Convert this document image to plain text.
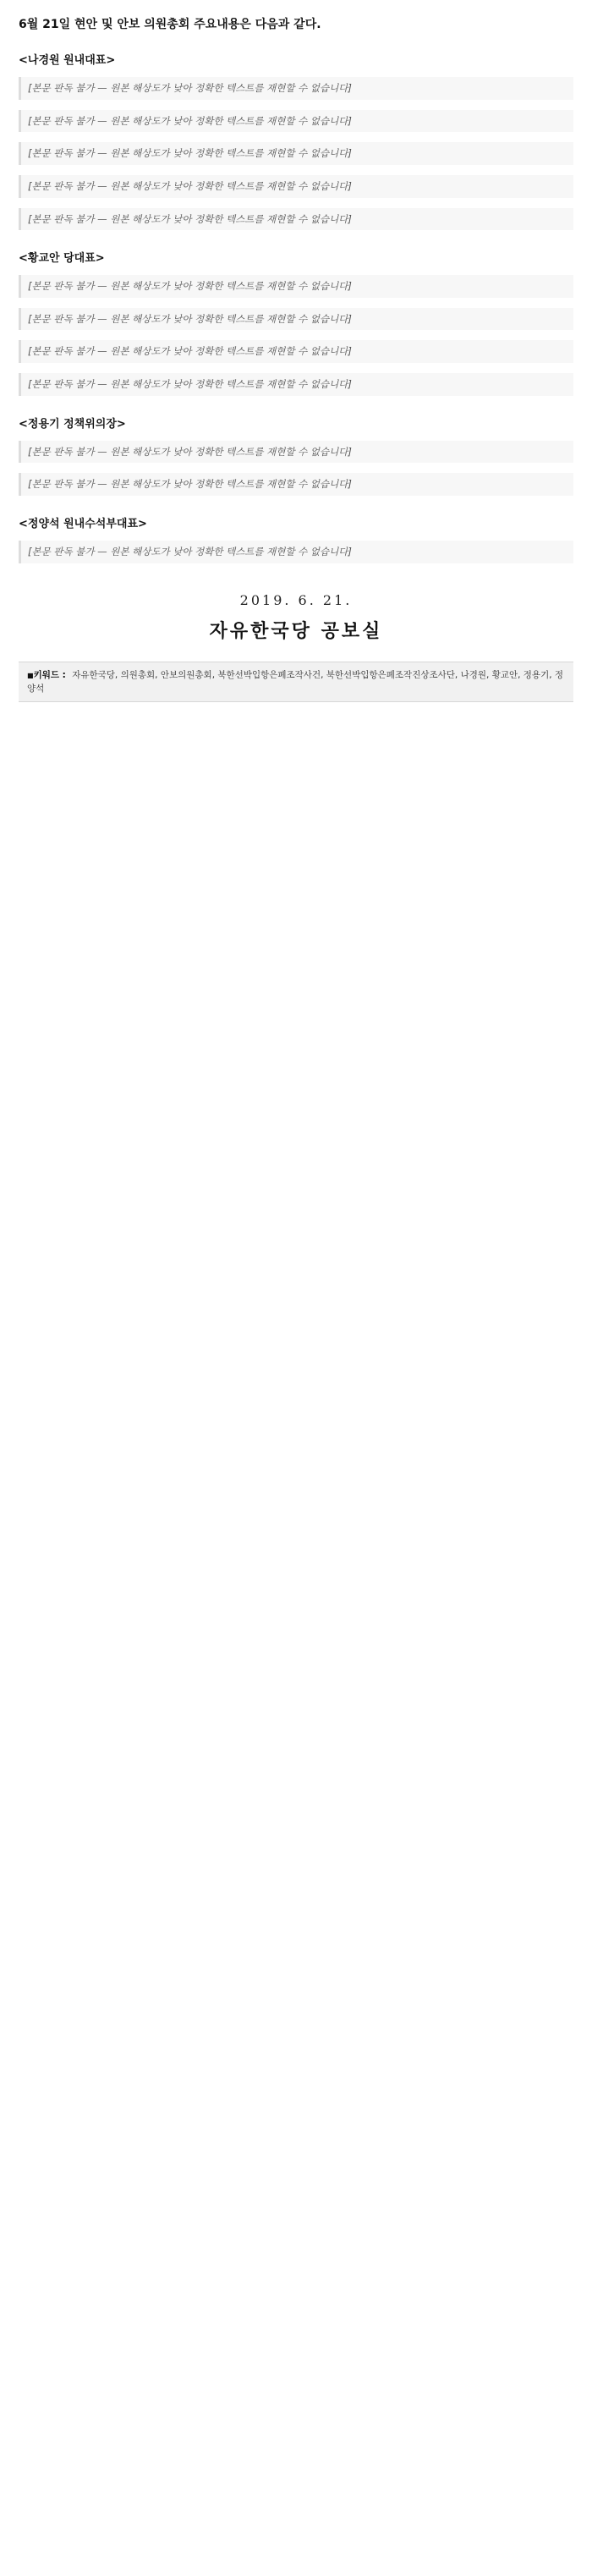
6월 21일 현안 및 안보 의원총회 주요내용은 다음과 같다.
<나경원 원내대표>

[본문 판독 불가 — 원본 해상도가 낮아 정확한 텍스트를 재현할 수 없습니다]

[본문 판독 불가 — 원본 해상도가 낮아 정확한 텍스트를 재현할 수 없습니다]

[본문 판독 불가 — 원본 해상도가 낮아 정확한 텍스트를 재현할 수 없습니다]

[본문 판독 불가 — 원본 해상도가 낮아 정확한 텍스트를 재현할 수 없습니다]

[본문 판독 불가 — 원본 해상도가 낮아 정확한 텍스트를 재현할 수 없습니다]

<황교안 당대표>

[본문 판독 불가 — 원본 해상도가 낮아 정확한 텍스트를 재현할 수 없습니다]

[본문 판독 불가 — 원본 해상도가 낮아 정확한 텍스트를 재현할 수 없습니다]

[본문 판독 불가 — 원본 해상도가 낮아 정확한 텍스트를 재현할 수 없습니다]

[본문 판독 불가 — 원본 해상도가 낮아 정확한 텍스트를 재현할 수 없습니다]

<정용기 정책위의장>

[본문 판독 불가 — 원본 해상도가 낮아 정확한 텍스트를 재현할 수 없습니다]

[본문 판독 불가 — 원본 해상도가 낮아 정확한 텍스트를 재현할 수 없습니다]

<정양석 원내수석부대표>

[본문 판독 불가 — 원본 해상도가 낮아 정확한 텍스트를 재현할 수 없습니다]

2019. 6. 21.
자유한국당 공보실
■ 키워드 : 자유한국당, 의원총회, 안보의원총회, 북한선박입항은폐조작사건, 북한선박입항은폐조작진상조사단, 나경원, 황교안, 정용기, 정양석
